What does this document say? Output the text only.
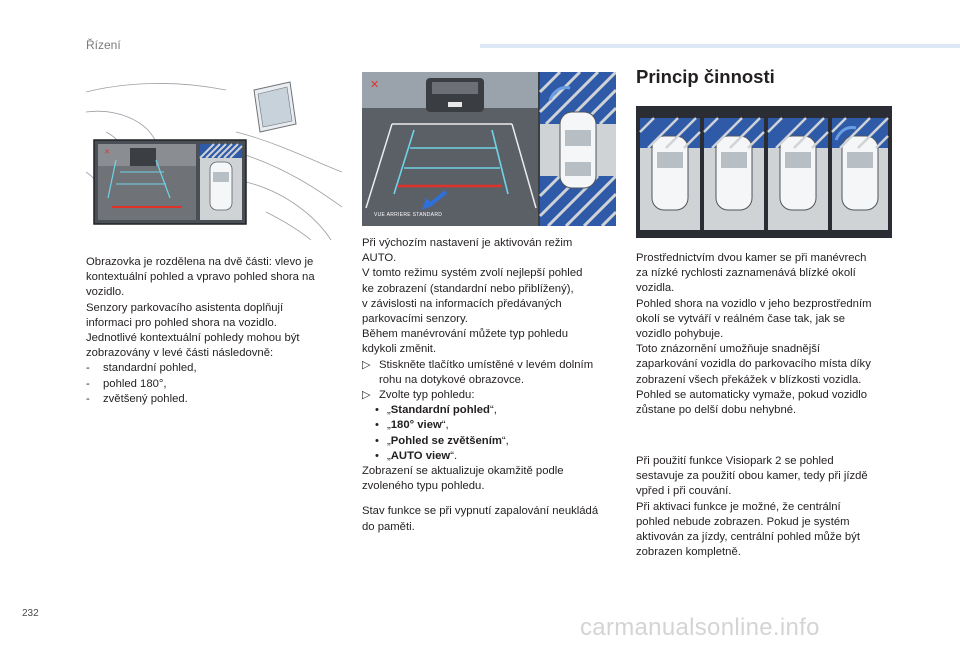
Řízení
✕
✕
VUE ARRIERE STANDARD

Obrazovka je rozdělena na dvě části: vlevo je

kontextuální pohled a vpravo pohled shora na

vozidlo.

Senzory parkovacího asistenta doplňují

informaci pro pohled shora na vozidlo.

Jednotlivé kontextuální pohledy mohou být

zobrazovány v levé části následovně:

- standardní pohled,

- pohled 180°,

- zvětšený pohled.

Při výchozím nastavení je aktivován režim

AUTO.

V tomto režimu systém zvolí nejlepší pohled

ke zobrazení (standardní nebo přiblížený),

v závislosti na informacích předávaných

parkovacími senzory.

Během manévrování můžete typ pohledu

kdykoli změnit.

▷ Stiskněte tlačítko umístěné v levém dolním

rohu na dotykové obrazovce.

▷ Zvolte typ pohledu:

• „Standardní pohled“,

• „180° view“,

• „Pohled se zvětšením“,

• „AUTO view“.

Zobrazení se aktualizuje okamžitě podle

zvoleného typu pohledu.

Stav funkce se při vypnutí zapalování neukládá

do paměti.

Princip činnosti

Prostřednictvím dvou kamer se při manévrech

za nízké rychlosti zaznamenává blízké okolí

vozidla.

Pohled shora na vozidlo v jeho bezprostředním

okolí se vytváří v reálném čase tak, jak se

vozidlo pohybuje.

Toto znázornění umožňuje snadnější

zaparkování vozidla do parkovacího místa díky

zobrazení všech překážek v blízkosti vozidla.

Pohled se automaticky vymaže, pokud vozidlo

zůstane po delší dobu nehybné.

Při použití funkce Visiopark 2 se pohled

sestavuje za použití obou kamer, tedy při jízdě

vpřed i při couvání.

Při aktivaci funkce je možné, že centrální

pohled nebude zobrazen. Pokud je systém

aktivován za jízdy, centrální pohled může být

zobrazen kompletně.

232
carmanualsonline.info
